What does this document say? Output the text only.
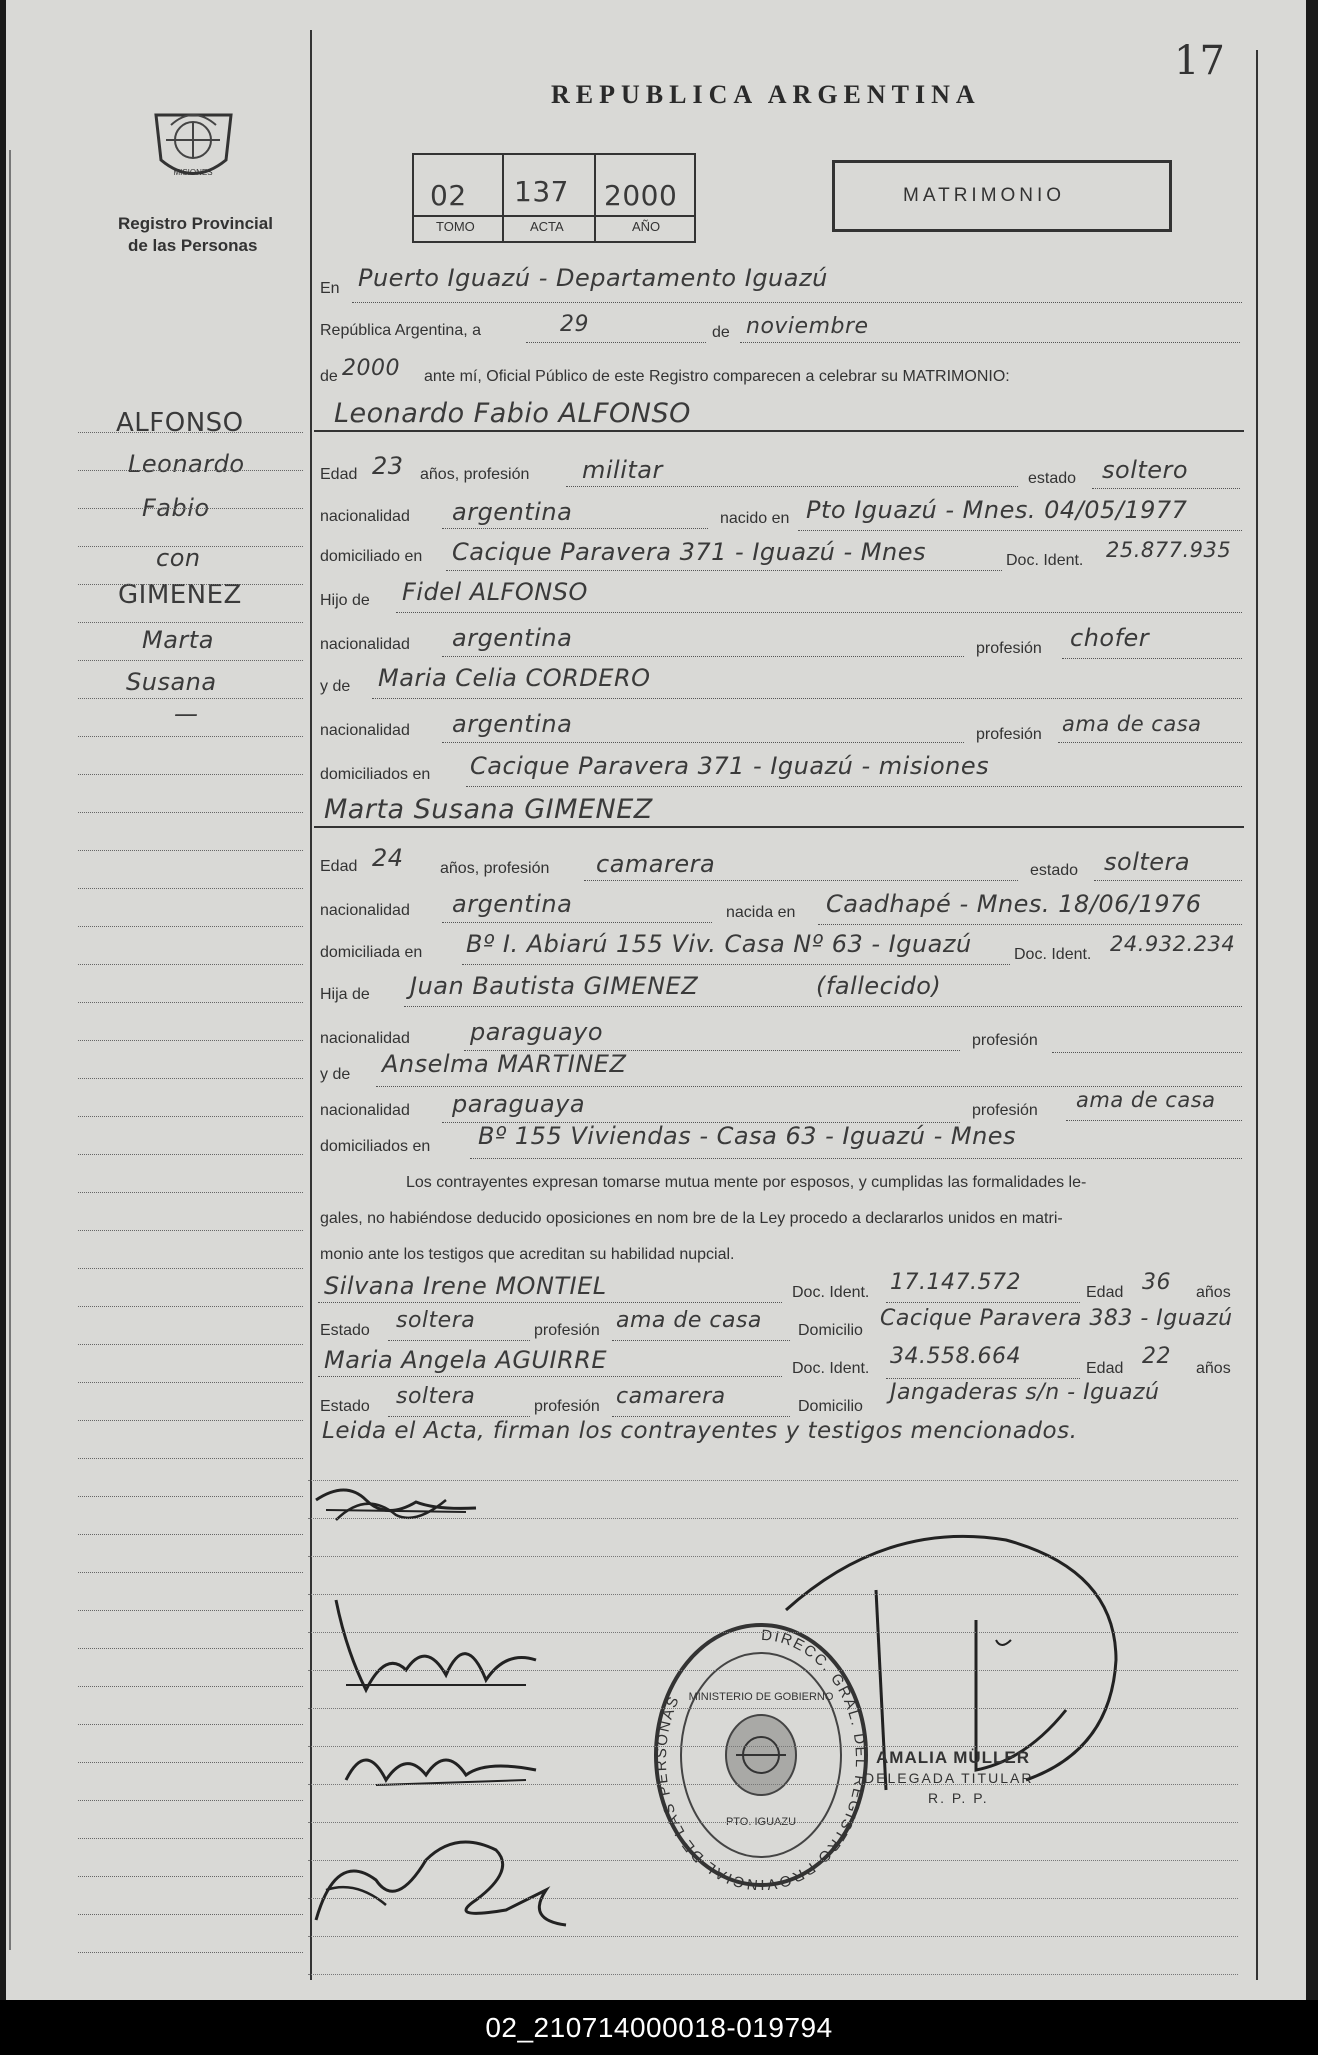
17
REPUBLICA ARGENTINA
MISIONES
Registro Provincial
de las Personas
02 137 2000
TOMO	ACTA	AÑO
MATRIMONIO
ALFONSO
Leonardo
Fabio
con
GIMENEZ
Marta
Susana
—
En Puerto Iguazú - Departamento Iguazú
República Argentina, a	29	de noviembre
de 2000 ante mí, Oficial Público de este Registro comparecen a celebrar su MATRIMONIO:
Leonardo Fabio ALFONSO
Edad 23 años, profesión militar	estado soltero
nacionalidad argentina	nacido en Pto Iguazú - Mnes. 04/05/1977
domiciliado en Cacique Paravera 371 - Iguazú - Mnes	Doc. Ident. 25.877.935
Hijo de Fidel ALFONSO
nacionalidad argentina	profesión chofer
y de Maria Celia CORDERO
nacionalidad argentina	profesión ama de casa
domiciliados en Cacique Paravera 371 - Iguazú - misiones
Marta Susana GIMENEZ
Edad 24 años, profesión camarera	estado soltera
nacionalidad argentina	nacida en Caadhapé - Mnes. 18/06/1976
domiciliada en Bº I. Abiarú 155 Viv. Casa Nº 63 - Iguazú	Doc. Ident. 24.932.234
Hija de Juan Bautista GIMENEZ	(fallecido)
nacionalidad	paraguayo	profesión
y de Anselma MARTINEZ
nacionalidad paraguaya	profesión ama de casa
domiciliados en Bº 155 Viviendas - Casa 63 - Iguazú - Mnes
Los contrayentes expresan tomarse mutua mente por esposos, y cumplidas las formalidades le-
gales, no habiéndose deducido oposiciones en nom bre de la Ley procedo a declararlos unidos en matri-
monio ante los testigos que acreditan su habilidad nupcial.
Silvana Irene MONTIEL	Doc. Ident. 17.147.572	Edad 36 años
Estado soltera	profesión ama de casa Domicilio Cacique Paravera 383 - Iguazú
Maria Angela AGUIRRE	Doc. Ident. 34.558.664	Edad 22 años
Estado soltera	profesión camarera	Domicilio
Jangaderas s/n - Iguazú
Leida el Acta, firman los contrayentes y testigos mencionados.
DIRECC. GRAL. DEL REGISTRO PROVINCIAL DE LAS PERSONAS MINISTERIO DE GOBIERNO
PTO. IGUAZU
AMALIA MÜLLER
DELEGADA TITULAR
R. P. P.
02_210714000018-019794
